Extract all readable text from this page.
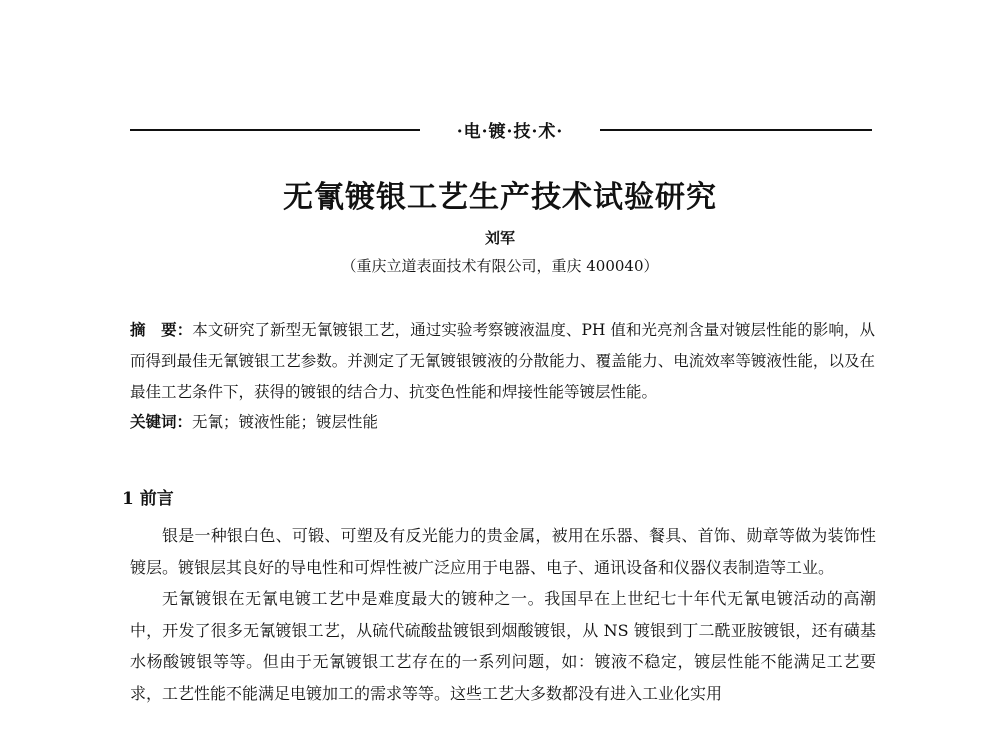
·电·镀·技·术·
无氰镀银工艺生产技术试验研究
刘军
（重庆立道表面技术有限公司，重庆 400040）
摘　要：本文研究了新型无氰镀银工艺，通过实验考察镀液温度、PH 值和光亮剂含量对镀层性能的影响，从而得到最佳无氰镀银工艺参数。并测定了无氰镀银镀液的分散能力、覆盖能力、电流效率等镀液性能，以及在最佳工艺条件下，获得的镀银的结合力、抗变色性能和焊接性能等镀层性能。
关键词：无氰；镀液性能；镀层性能
1 前言

银是一种银白色、可锻、可塑及有反光能力的贵金属，被用在乐器、餐具、首饰、勋章等做为装饰性镀层。镀银层其良好的导电性和可焊性被广泛应用于电器、电子、通讯设备和仪器仪表制造等工业。

无氰镀银在无氰电镀工艺中是难度最大的镀种之一。我国早在上世纪七十年代无氰电镀活动的高潮中，开发了很多无氰镀银工艺，从硫代硫酸盐镀银到烟酸镀银，从 NS 镀银到丁二酰亚胺镀银，还有磺基水杨酸镀银等等。但由于无氰镀银工艺存在的一系列问题，如：镀液不稳定，镀层性能不能满足工艺要求，工艺性能不能满足电镀加工的需求等等。这些工艺大多数都没有进入工业化实用
